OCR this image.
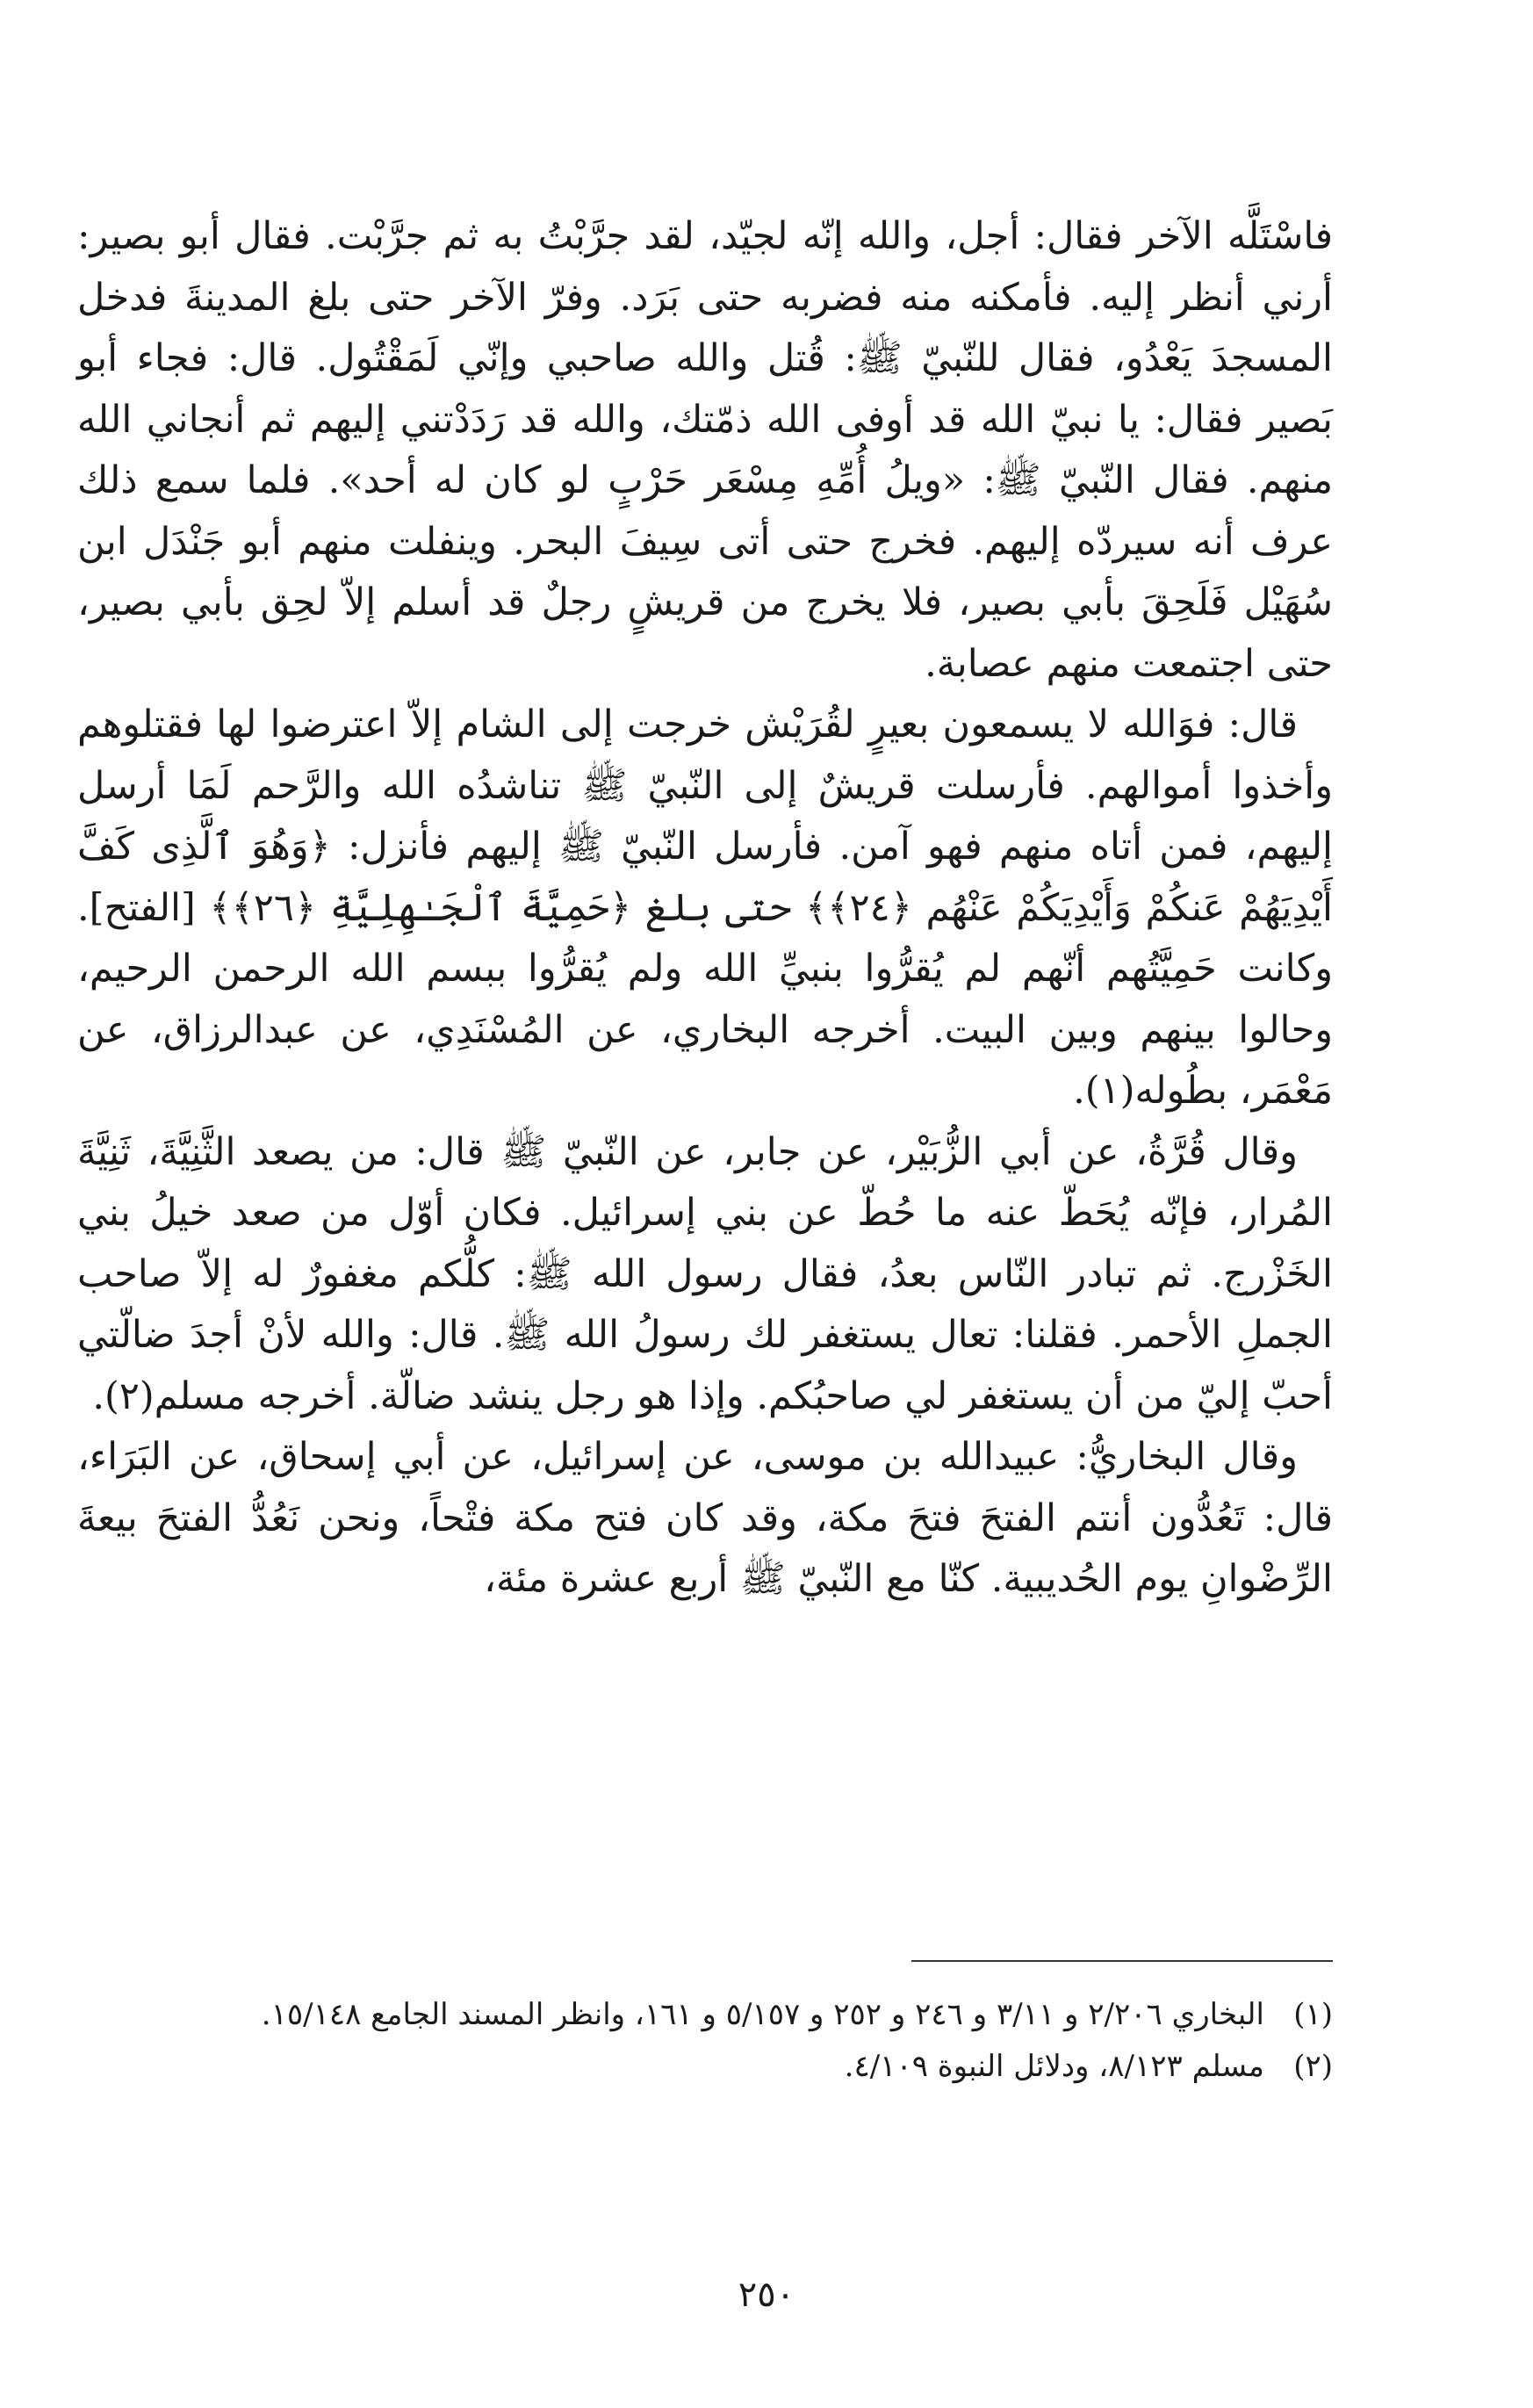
فاسْتَلَّه الآخر فقال: أجل، والله إنّه لجيّد، لقد جرَّبْتُ به ثم جرَّبْت. فقال أبو بصير: أرني أنظر إليه. فأمكنه منه فضربه حتى بَرَد. وفرّ الآخر حتى بلغ المدينةَ فدخل المسجدَ يَعْدُو، فقال للنّبيّ ﷺ: قُتل والله صاحبي وإنّي لَمَقْتُول. قال: فجاء أبو بَصير فقال: يا نبيّ الله قد أوفى الله ذمّتك، والله قد رَدَدْتني إليهم ثم أنجاني الله منهم. فقال النّبيّ ﷺ: «ويلُ أُمِّهِ مِسْعَر حَرْبٍ لو كان له أحد». فلما سمع ذلك عرف أنه سيردّه إليهم. فخرج حتى أتى سِيفَ البحر. وينفلت منهم أبو جَنْدَل ابن سُهَيْل فَلَحِقَ بأبي بصير، فلا يخرج من قريشٍ رجلٌ قد أسلم إلاّ لحِق بأبي بصير، حتى اجتمعت منهم عصابة.

قال: فوَالله لا يسمعون بعيرٍ لقُرَيْش خرجت إلى الشام إلاّ اعترضوا لها فقتلوهم وأخذوا أموالهم. فأرسلت قريشٌ إلى النّبيّ ﷺ تناشدُه الله والرَّحم لَمَا أرسل إليهم، فمن أتاه منهم فهو آمن. فأرسل النّبيّ ﷺ إليهم فأنزل: ﴿وَهُوَ ٱلَّذِى كَفَّ أَيْدِيَهُمْ عَنكُمْ وَأَيْدِيَكُمْ عَنْهُم ﴿٢٤﴾﴾ حتى بلغ ﴿حَمِيَّةَ ٱلْجَـٰهِلِيَّةِ ﴿٢٦﴾﴾ [الفتح]. وكانت حَمِيَّتُهم أنّهم لم يُقرُّوا بنبيِّ الله ولم يُقرُّوا ببسم الله الرحمن الرحيم، وحالوا بينهم وبين البيت. أخرجه البخاري، عن المُسْنَدِي، عن عبدالرزاق، عن مَعْمَر، بطُوله(١).

وقال قُرَّةُ، عن أبي الزُّبَيْر، عن جابر، عن النّبيّ ﷺ قال: من يصعد الثَّنِيَّةَ، ثَنِيَّةَ المُرار، فإنّه يُحَطّ عنه ما حُطّ عن بني إسرائيل. فكان أوّل من صعد خيلُ بني الخَزْرج. ثم تبادر النّاس بعدُ، فقال رسول الله ﷺ: كلُّكم مغفورٌ له إلاّ صاحب الجملِ الأحمر. فقلنا: تعال يستغفر لك رسولُ الله ﷺ. قال: والله لأنْ أجدَ ضالّتي أحبّ إليّ من أن يستغفر لي صاحبُكم. وإذا هو رجل ينشد ضالّة. أخرجه مسلم(٢).

وقال البخاريُّ: عبيدالله بن موسى، عن إسرائيل، عن أبي إسحاق، عن البَرَاء، قال: تَعُدُّون أنتم الفتحَ فتحَ مكة، وقد كان فتح مكة فتْحاً، ونحن نَعُدُّ الفتحَ بيعةَ الرِّضْوانِ يوم الحُديبية. كنّا مع النّبيّ ﷺ أربع عشرة مئة،

(١)
البخاري ٢/٢٠٦ و ٣/١١ و ٢٤٦ و ٢٥٢ و ٥/١٥٧ و ١٦١، وانظر المسند الجامع ١٥/١٤٨.
(٢)
مسلم ٨/١٢٣، ودلائل النبوة ٤/١٠٩.
٢٥٠
